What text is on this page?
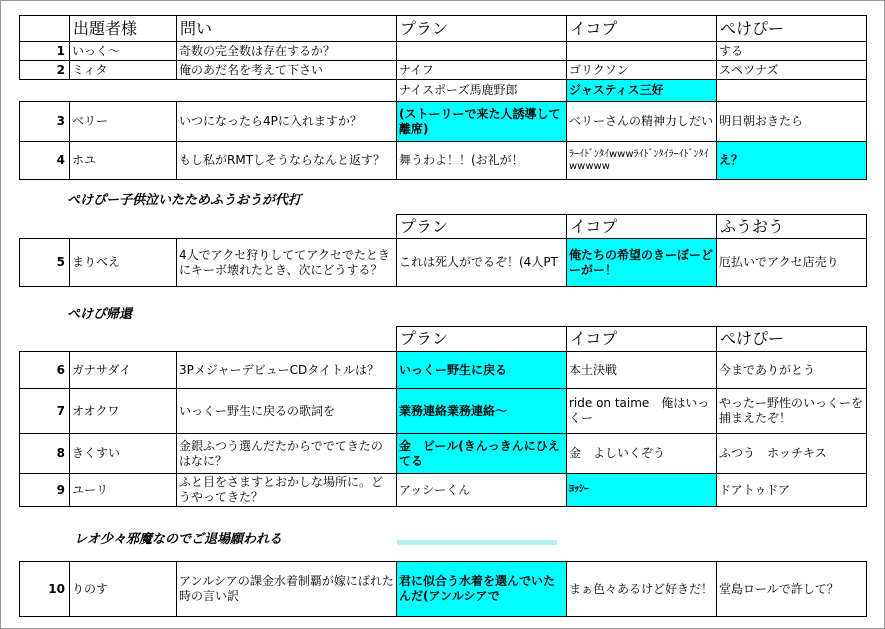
	出題者様	問い	プラン	イコプ	ぺけぴー
1	いっく～	奇数の完全数は存在するか？			する
2	ミィタ	俺のあだ名を考えて下さい	ナイフ	ゴリクソン	スペツナズ
			ナイスポーズ馬鹿野郎	ジャスティス三好	
3	ベリー	いつになったら4Pに入れますか？	(ストーリーで来た人誘導して離席)	ベリーさんの精神力しだい	明日朝おきたら
4	ホユ	もし私がRMTしそうならなんと返す？	舞うわよ！！(お礼が！	ﾗｰｲﾄﾞﾝﾀｲwwwﾗｲﾄﾞﾝﾀｲﾗｰｲﾄﾞﾝﾀｲwwwww	え？
			プラン	イコプ	ふうおう
5	まりべえ	4人でアクセ狩りしててアクセでたときにキーボ壊れたとき、次にどうする？	これは死人がでるぞ！(4人PT	俺たちの希望のきーぼーどーがー！	厄払いでアクセ店売り
			プラン	イコプ	ぺけぴー
6	ガナサダイ	3PメジャーデビューCDタイトルは？	いっくー野生に戻る	本土決戦	今までありがとう
7	オオクワ	いっくー野生に戻るの歌詞を	業務連絡業務連絡～	ride on taime　俺はいっくー	やったー野性のいっくーを捕まえたぞ！
8	きくすい	金銀ふつう選んだたからででてきたのはなに？	金　ビール(きんっきんにひえてる	金　よしいくぞう	ふつう　ホッチキス
9	ユーリ	ふと目をさますとおかしな場所に。どうやってきた？	アッシーくん	ﾖｯｼｰ	ドアトゥドア
10	りのす	アンルシアの課金水着制覇が嫁にばれた時の言い訳	君に似合う水着を選んでいたんだ(アンルシアで	まぁ色々あるけど好きだ！	堂島ロールで許して？
ぺけぴー子供泣いたためふうおうが代打
ぺけぴ帰還
レオ少々邪魔なのでご退場願われる
